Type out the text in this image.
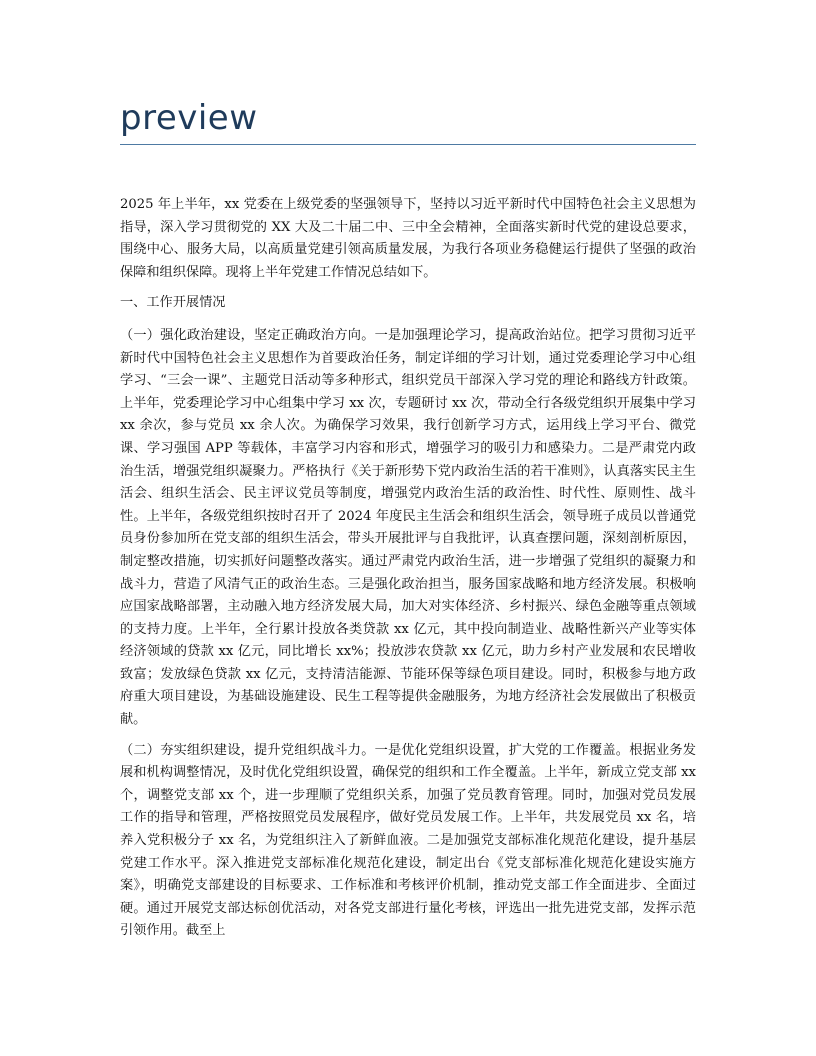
preview

2025 年上半年，xx 党委在上级党委的坚强领导下，坚持以习近平新时代中国特色社会主义思想为指导，深入学习贯彻党的 XX 大及二十届二中、三中全会精神，全面落实新时代党的建设总要求，围绕中心、服务大局，以高质量党建引领高质量发展，为我行各项业务稳健运行提供了坚强的政治保障和组织保障。现将上半年党建工作情况总结如下。

一、工作开展情况

（一）强化政治建设，坚定正确政治方向。一是加强理论学习，提高政治站位。把学习贯彻习近平新时代中国特色社会主义思想作为首要政治任务，制定详细的学习计划，通过党委理论学习中心组学习、“三会一课”、主题党日活动等多种形式，组织党员干部深入学习党的理论和路线方针政策。上半年，党委理论学习中心组集中学习 xx 次，专题研讨 xx 次，带动全行各级党组织开展集中学习 xx 余次，参与党员 xx 余人次。为确保学习效果，我行创新学习方式，运用线上学习平台、微党课、学习强国 APP 等载体，丰富学习内容和形式，增强学习的吸引力和感染力。二是严肃党内政治生活，增强党组织凝聚力。严格执行《关于新形势下党内政治生活的若干准则》，认真落实民主生活会、组织生活会、民主评议党员等制度，增强党内政治生活的政治性、时代性、原则性、战斗性。上半年，各级党组织按时召开了 2024 年度民主生活会和组织生活会，领导班子成员以普通党员身份参加所在党支部的组织生活会，带头开展批评与自我批评，认真查摆问题，深刻剖析原因，制定整改措施，切实抓好问题整改落实。通过严肃党内政治生活，进一步增强了党组织的凝聚力和战斗力，营造了风清气正的政治生态。三是强化政治担当，服务国家战略和地方经济发展。积极响应国家战略部署，主动融入地方经济发展大局，加大对实体经济、乡村振兴、绿色金融等重点领域的支持力度。上半年，全行累计投放各类贷款 xx 亿元，其中投向制造业、战略性新兴产业等实体经济领域的贷款 xx 亿元，同比增长 xx%；投放涉农贷款 xx 亿元，助力乡村产业发展和农民增收致富；发放绿色贷款 xx 亿元，支持清洁能源、节能环保等绿色项目建设。同时，积极参与地方政府重大项目建设，为基础设施建设、民生工程等提供金融服务，为地方经济社会发展做出了积极贡献。

（二）夯实组织建设，提升党组织战斗力。一是优化党组织设置，扩大党的工作覆盖。根据业务发展和机构调整情况，及时优化党组织设置，确保党的组织和工作全覆盖。上半年，新成立党支部 xx 个，调整党支部 xx 个，进一步理顺了党组织关系，加强了党员教育管理。同时，加强对党员发展工作的指导和管理，严格按照党员发展程序，做好党员发展工作。上半年，共发展党员 xx 名，培养入党积极分子 xx 名，为党组织注入了新鲜血液。二是加强党支部标准化规范化建设，提升基层党建工作水平。深入推进党支部标准化规范化建设，制定出台《党支部标准化规范化建设实施方案》，明确党支部建设的目标要求、工作标准和考核评价机制，推动党支部工作全面进步、全面过硬。通过开展党支部达标创优活动，对各党支部进行量化考核，评选出一批先进党支部，发挥示范引领作用。截至上
